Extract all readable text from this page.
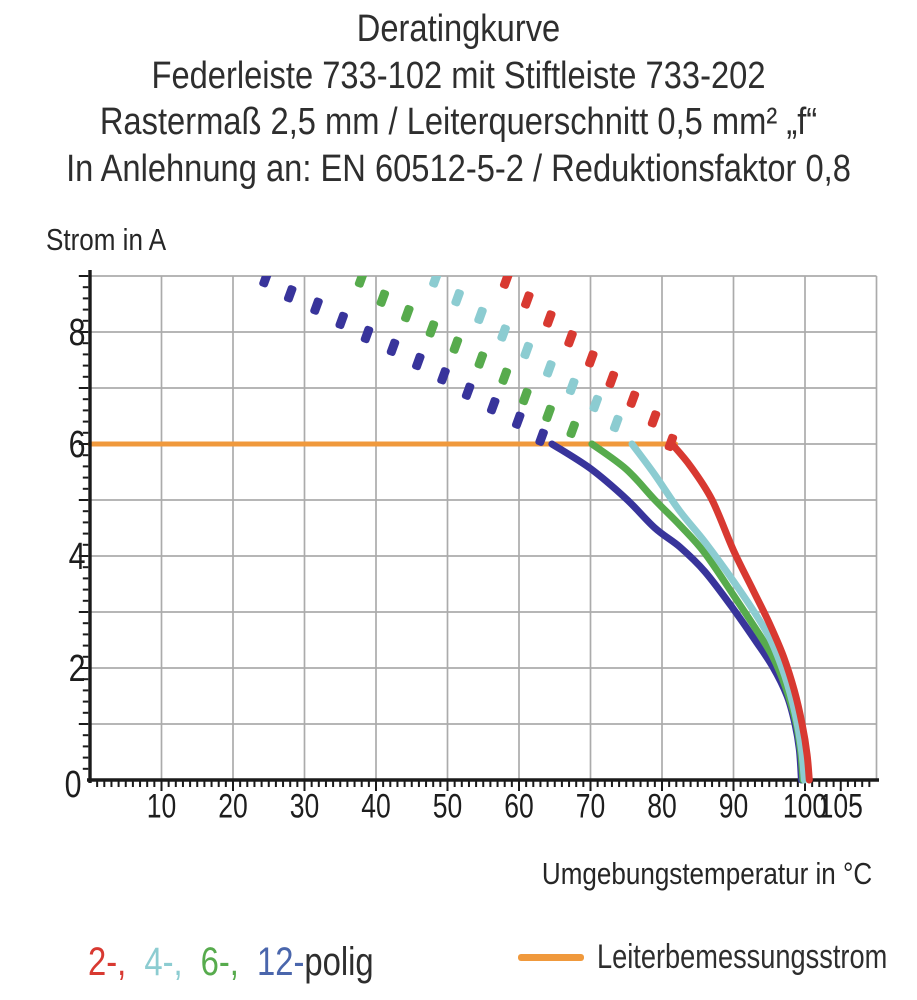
Deratingkurve
Federleiste 733-102 mit Stiftleiste 733-202
Rastermaß 2,5 mm / Leiterquerschnitt 0,5 mm² „f“
In Anlehnung an: EN 60512-5-2 / Reduktionsfaktor 0,8
Strom in A
10 20 30 40 50 60 70 80 90 100
105
0
2
4
6
8
Umgebungstemperatur in °C
2-, 4-, 6-, 12-polig	Leiterbemessungsstrom
